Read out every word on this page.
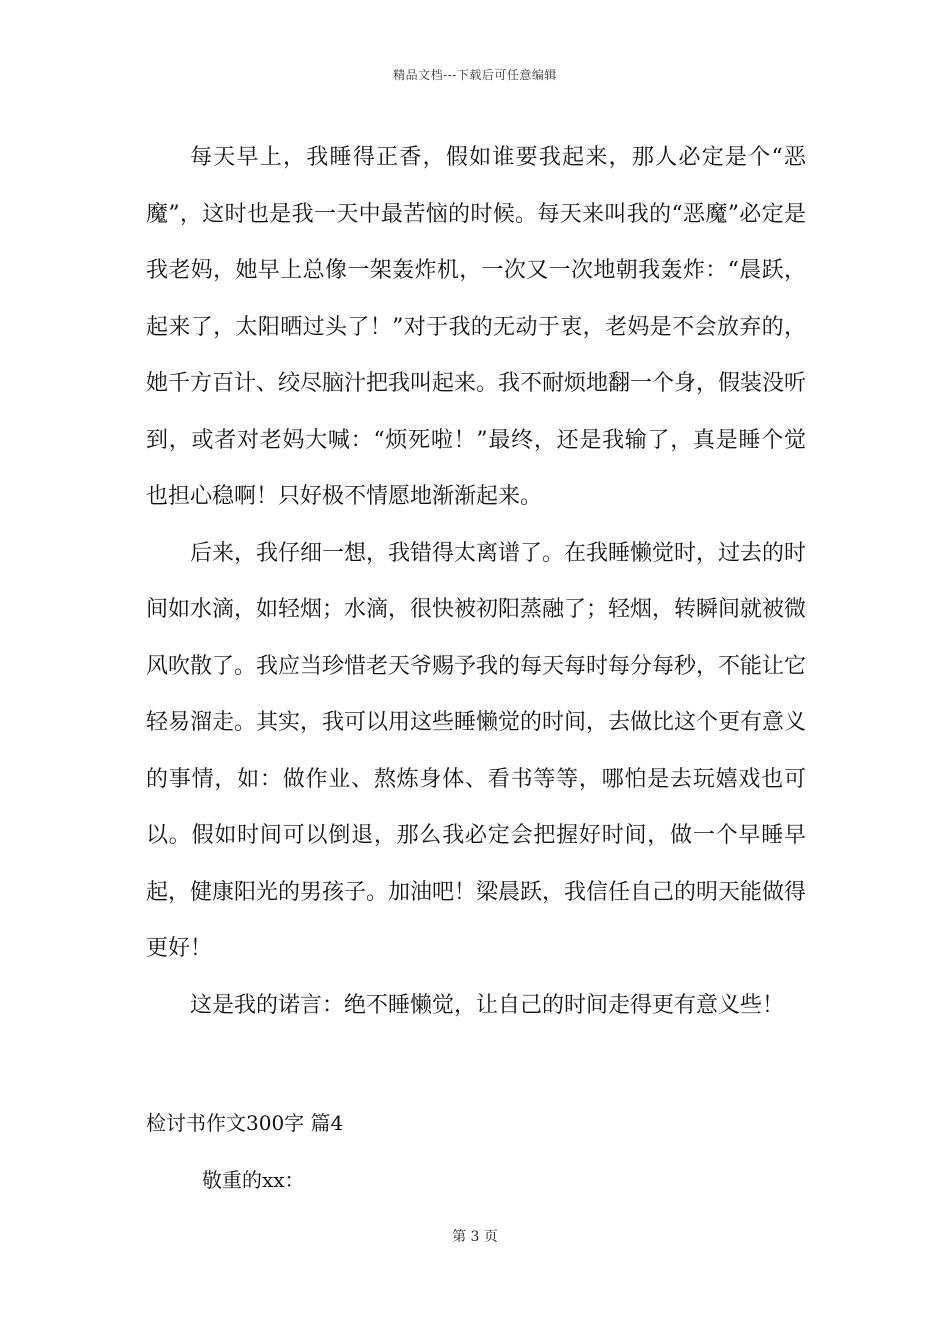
精品文档---下载后可任意编辑

每天早上，我睡得正香，假如谁要我起来，那人必定是个“恶魔”，这时也是我一天中最苦恼的时候。每天来叫我的“恶魔”必定是我老妈，她早上总像一架轰炸机，一次又一次地朝我轰炸：“晨跃，起来了，太阳晒过头了！”对于我的无动于衷，老妈是不会放弃的，她千方百计、绞尽脑汁把我叫起来。我不耐烦地翻一个身，假装没听到，或者对老妈大喊：“烦死啦！”最终，还是我输了，真是睡个觉也担心稳啊！只好极不情愿地渐渐起来。

后来，我仔细一想，我错得太离谱了。在我睡懒觉时，过去的时间如水滴，如轻烟；水滴，很快被初阳蒸融了；轻烟，转瞬间就被微风吹散了。我应当珍惜老天爷赐予我的每天每时每分每秒，不能让它轻易溜走。其实，我可以用这些睡懒觉的时间，去做比这个更有意义的事情，如：做作业、熬炼身体、看书等等，哪怕是去玩嬉戏也可以。假如时间可以倒退，那么我必定会把握好时间，做一个早睡早起，健康阳光的男孩子。加油吧！梁晨跃，我信任自己的明天能做得更好！

这是我的诺言：绝不睡懒觉，让自己的时间走得更有意义些！

检讨书作文300字 篇4
敬重的xx：
第 3 页
